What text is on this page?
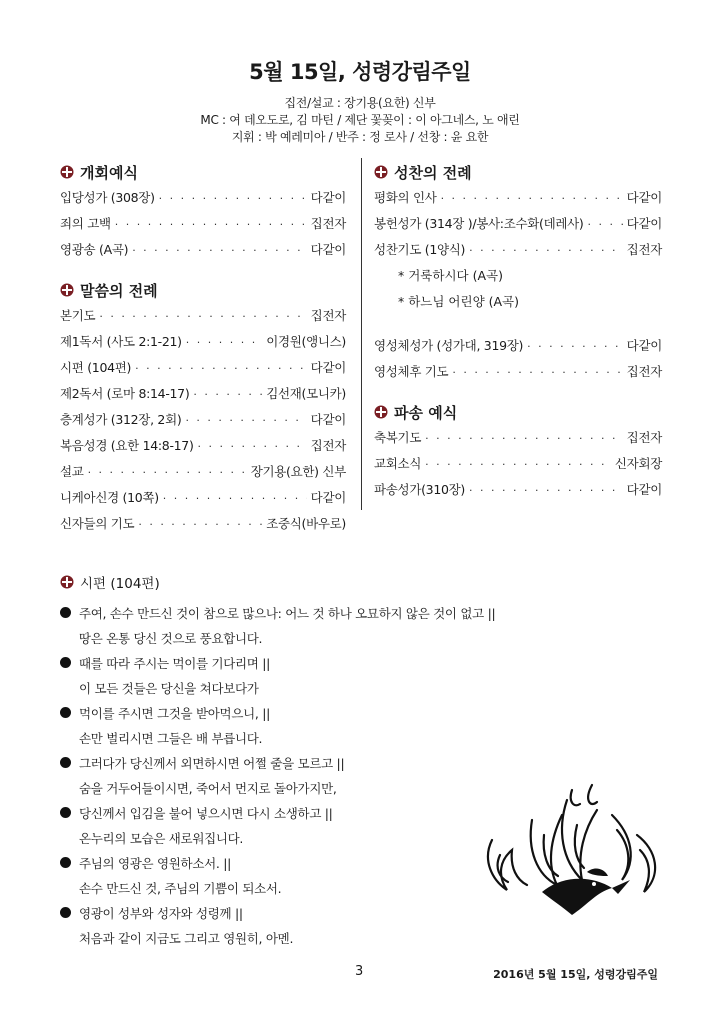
5월 15일, 성령강림주일
집전/설교 : 장기용(요한) 신부
MC : 여 데오도로, 김 마틴 / 제단 꽃꽂이 : 이 아그네스, 노 애린
지휘 : 박 예레미아 / 반주 : 정 로사 / 선창 : 윤 요한
개회예식
입당성가 (308장) · · ·	다같이
죄의 고백 · · ·	집전자
영광송 (A곡) · · ·	다같이
말씀의 전례
본기도 · · ·	집전자
제1독서 (사도 2:1-21) · · ·	이경원(앵니스)
시편 (104편) · · ·	다같이
제2독서 (로마 8:14-17) · · ·	김선재(모니카)
층계성가 (312장, 2회) · · ·	다같이
복음성경 (요한 14:8-17) · · ·	집전자
설교 · · ·	장기용(요한) 신부
니케아신경 (10쪽) · · ·	다같이
신자들의 기도 · · ·	조중식(바우로)
성찬의 전례
평화의 인사 · · ·	다같이
봉헌성가 (314장 )/봉사:조수화(데레사) · · ·	다같이
성찬기도 (1양식) · · ·	집전자
* 거룩하시다 (A곡)
* 하느님 어린양 (A곡)
영성체성가 (성가대, 319장) · · ·	다같이
영성체후 기도 · · ·	집전자
파송 예식
축복기도 · · ·	집전자
교회소식 · · ·	신자회장
파송성가(310장) · · ·	다같이
시편 (104편)
주여, 손수 만드신 것이 참으로 많으나: 어느 것 하나 오묘하지 않은 것이 없고 ||
땅은 온통 당신 것으로 풍요합니다.
때를 따라 주시는 먹이를 기다리며 ||
이 모든 것들은 당신을 쳐다보다가
먹이를 주시면 그것을 받아먹으니, ||
손만 벌리시면 그들은 배 부릅니다.
그러다가 당신께서 외면하시면 어쩔 줄을 모르고 ||
숨을 거두어들이시면, 죽어서 먼지로 돌아가지만,
당신께서 입김을 불어 넣으시면 다시 소생하고 ||
온누리의 모습은 새로워집니다.
주님의 영광은 영원하소서. ||
손수 만드신 것, 주님의 기쁨이 되소서.
영광이 성부와 성자와 성령께 ||
처음과 같이 지금도 그리고 영원히, 아멘.
3	2016년 5월 15일, 성령강림주일
